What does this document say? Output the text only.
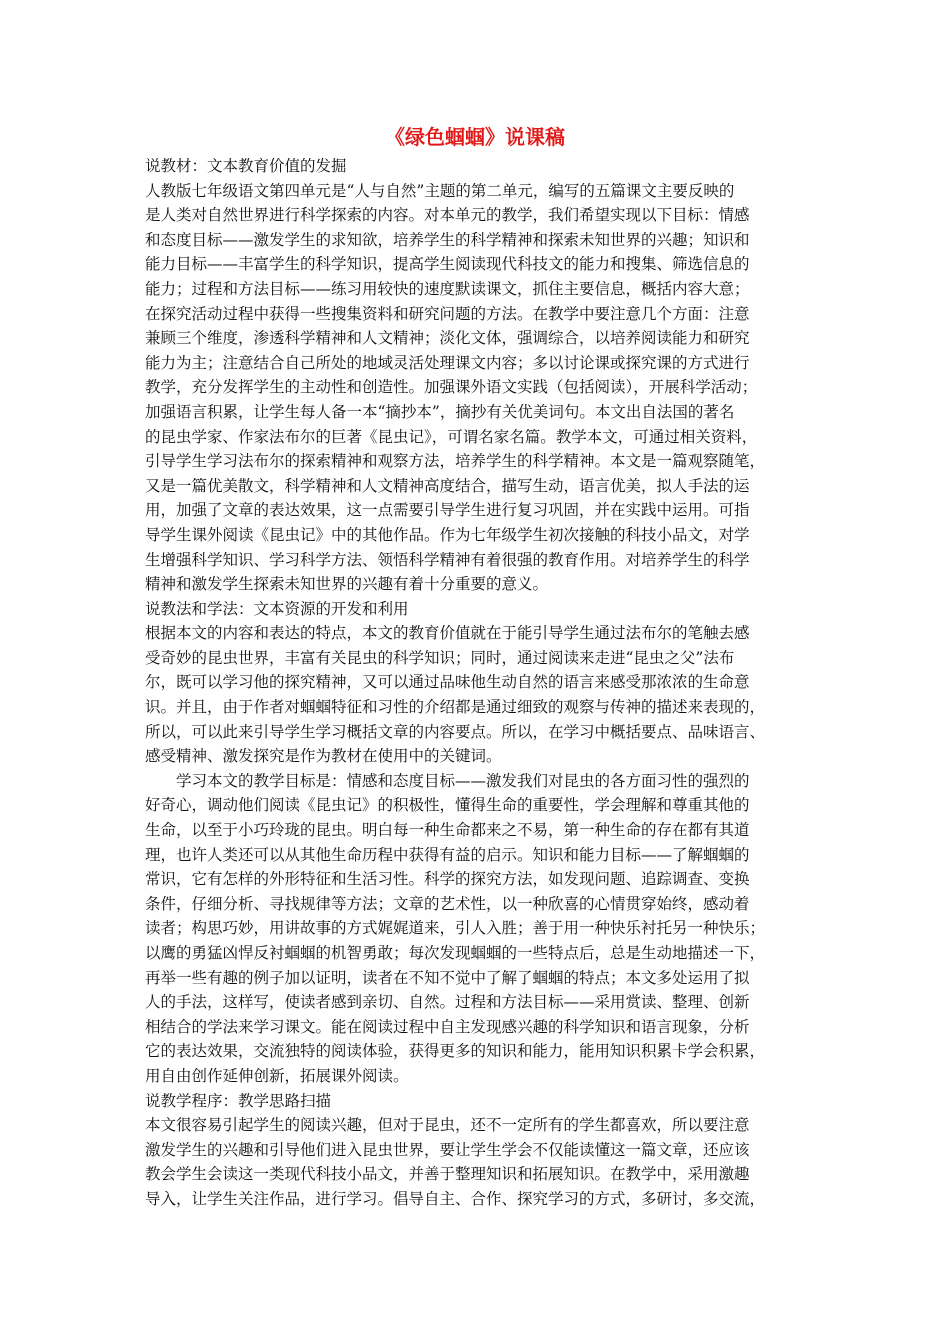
《绿色蝈蝈》说课稿
说教材：文本教育价值的发掘
人教版七年级语文第四单元是“人与自然”主题的第二单元，编写的五篇课文主要反映的
是人类对自然世界进行科学探索的内容。对本单元的教学，我们希望实现以下目标：情感
和态度目标——激发学生的求知欲，培养学生的科学精神和探索未知世界的兴趣；知识和
能力目标——丰富学生的科学知识，提高学生阅读现代科技文的能力和搜集、筛选信息的
能力；过程和方法目标——练习用较快的速度默读课文，抓住主要信息，概括内容大意；
在探究活动过程中获得一些搜集资料和研究问题的方法。在教学中要注意几个方面：注意
兼顾三个维度，渗透科学精神和人文精神；淡化文体，强调综合，以培养阅读能力和研究
能力为主；注意结合自己所处的地域灵活处理课文内容；多以讨论课或探究课的方式进行
教学，充分发挥学生的主动性和创造性。加强课外语文实践（包括阅读），开展科学活动；
加强语言积累，让学生每人备一本“摘抄本”，摘抄有关优美词句。本文出自法国的著名
的昆虫学家、作家法布尔的巨著《昆虫记》，可谓名家名篇。教学本文，可通过相关资料，
引导学生学习法布尔的探索精神和观察方法，培养学生的科学精神。本文是一篇观察随笔，
又是一篇优美散文，科学精神和人文精神高度结合，描写生动，语言优美，拟人手法的运
用，加强了文章的表达效果，这一点需要引导学生进行复习巩固，并在实践中运用。可指
导学生课外阅读《昆虫记》中的其他作品。作为七年级学生初次接触的科技小品文，对学
生增强科学知识、学习科学方法、领悟科学精神有着很强的教育作用。对培养学生的科学
精神和激发学生探索未知世界的兴趣有着十分重要的意义。
说教法和学法：文本资源的开发和利用
根据本文的内容和表达的特点，本文的教育价值就在于能引导学生通过法布尔的笔触去感
受奇妙的昆虫世界，丰富有关昆虫的科学知识；同时，通过阅读来走进“昆虫之父”法布
尔，既可以学习他的探究精神，又可以通过品味他生动自然的语言来感受那浓浓的生命意
识。并且，由于作者对蝈蝈特征和习性的介绍都是通过细致的观察与传神的描述来表现的，
所以，可以此来引导学生学习概括文章的内容要点。所以，在学习中概括要点、品味语言、
感受精神、激发探究是作为教材在使用中的关键词。
学习本文的教学目标是：情感和态度目标——激发我们对昆虫的各方面习性的强烈的
好奇心，调动他们阅读《昆虫记》的积极性，懂得生命的重要性，学会理解和尊重其他的
生命，以至于小巧玲珑的昆虫。明白每一种生命都来之不易，第一种生命的存在都有其道
理，也许人类还可以从其他生命历程中获得有益的启示。知识和能力目标——了解蝈蝈的
常识，它有怎样的外形特征和生活习性。科学的探究方法，如发现问题、追踪调查、变换
条件，仔细分析、寻找规律等方法；文章的艺术性，以一种欣喜的心情贯穿始终，感动着
读者；构思巧妙，用讲故事的方式娓娓道来，引人入胜；善于用一种快乐衬托另一种快乐；
以鹰的勇猛凶悍反衬蝈蝈的机智勇敢；每次发现蝈蝈的一些特点后，总是生动地描述一下，
再举一些有趣的例子加以证明，读者在不知不觉中了解了蝈蝈的特点；本文多处运用了拟
人的手法，这样写，使读者感到亲切、自然。过程和方法目标——采用赏读、整理、创新
相结合的学法来学习课文。能在阅读过程中自主发现感兴趣的科学知识和语言现象，分析
它的表达效果，交流独特的阅读体验，获得更多的知识和能力，能用知识积累卡学会积累，
用自由创作延伸创新，拓展课外阅读。
说教学程序：教学思路扫描
本文很容易引起学生的阅读兴趣，但对于昆虫，还不一定所有的学生都喜欢，所以要注意
激发学生的兴趣和引导他们进入昆虫世界，要让学生学会不仅能读懂这一篇文章，还应该
教会学生会读这一类现代科技小品文，并善于整理知识和拓展知识。在教学中，采用激趣
导入，让学生关注作品，进行学习。倡导自主、合作、探究学习的方式，多研讨，多交流，
